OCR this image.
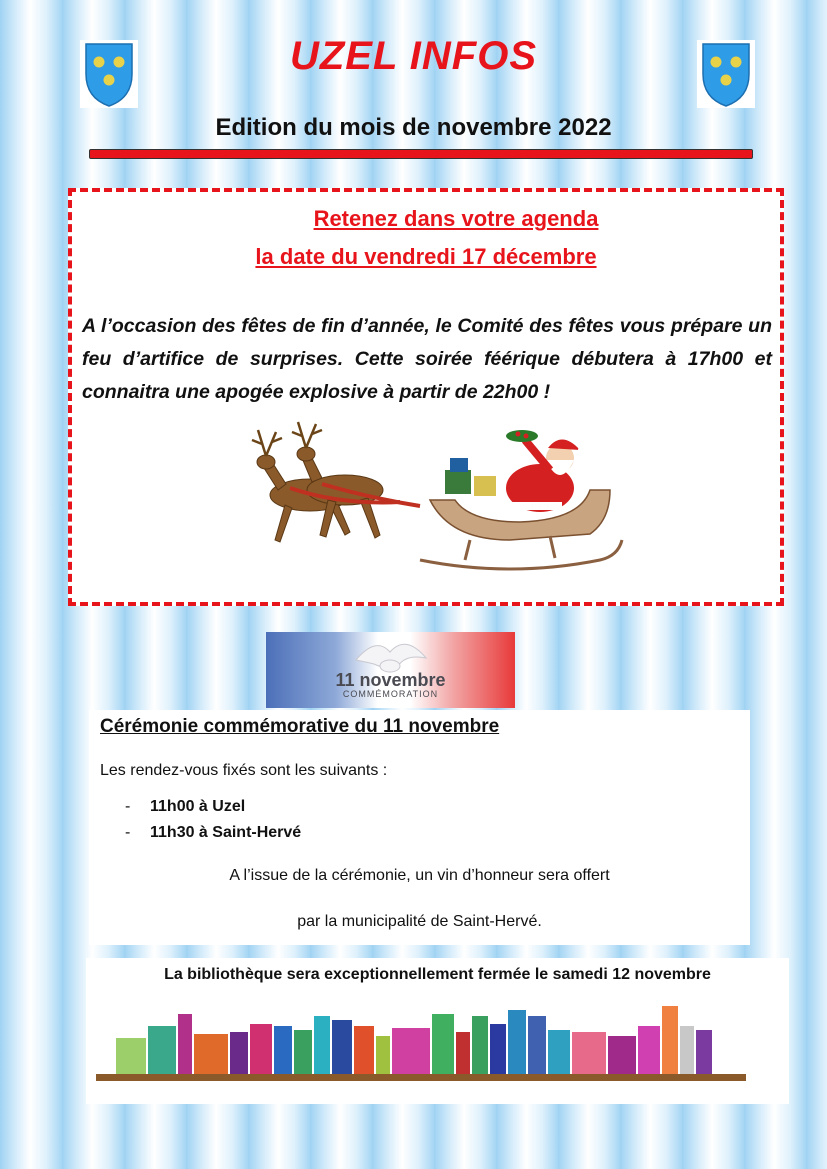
UZEL INFOS
Edition du mois de novembre 2022
Retenez dans votre agenda
la date du vendredi 17 décembre
A l’occasion des fêtes de fin d’année, le Comité des fêtes vous prépare un feu d’artifice de surprises. Cette soirée féérique débutera à 17h00 et connaitra une apogée explosive à partir de 22h00 !
11 novembre
COMMÉMORATION
Cérémonie commémorative du 11 novembre
Les rendez-vous fixés sont les suivants :
- 11h00 à Uzel
- 11h30 à Saint-Hervé
A l’issue de la cérémonie, un vin d’honneur sera offert
par la municipalité de Saint-Hervé.
La bibliothèque sera exceptionnellement fermée le samedi 12 novembre
